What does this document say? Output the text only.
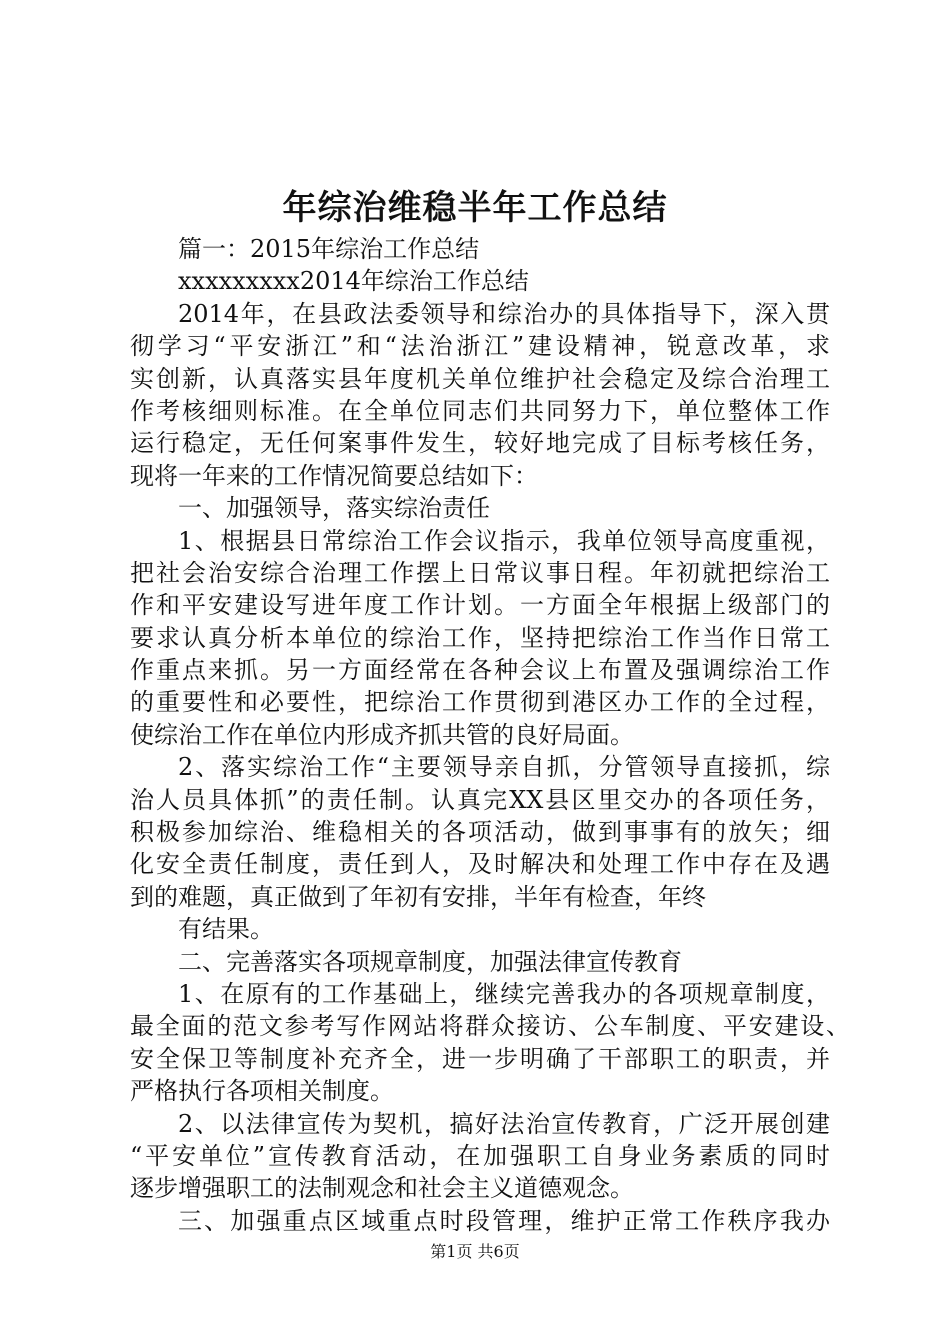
年综治维稳半年工作总结
篇一：2015年综治工作总结
xxxxxxxxx2014年综治工作总结
2014年，在县政法委领导和综治办的具体指导下，深入贯
彻学习“平安浙江”和“法治浙江”建设精神，锐意改革，求
实创新，认真落实县年度机关单位维护社会稳定及综合治理工
作考核细则标准。在全单位同志们共同努力下，单位整体工作
运行稳定，无任何案事件发生，较好地完成了目标考核任务，
现将一年来的工作情况简要总结如下：
一、加强领导，落实综治责任
1、根据县日常综治工作会议指示，我单位领导高度重视，
把社会治安综合治理工作摆上日常议事日程。年初就把综治工
作和平安建设写进年度工作计划。一方面全年根据上级部门的
要求认真分析本单位的综治工作，坚持把综治工作当作日常工
作重点来抓。另一方面经常在各种会议上布置及强调综治工作
的重要性和必要性，把综治工作贯彻到港区办工作的全过程，
使综治工作在单位内形成齐抓共管的良好局面。
2、落实综治工作“主要领导亲自抓，分管领导直接抓，综
治人员具体抓”的责任制。认真完XX县区里交办的各项任务，
积极参加综治、维稳相关的各项活动，做到事事有的放矢；细
化安全责任制度，责任到人，及时解决和处理工作中存在及遇
到的难题，真正做到了年初有安排，半年有检查，年终
有结果。
二、完善落实各项规章制度，加强法律宣传教育
1、在原有的工作基础上，继续完善我办的各项规章制度，
最全面的范文参考写作网站将群众接访、公车制度、平安建设、
安全保卫等制度补充齐全，进一步明确了干部职工的职责，并
严格执行各项相关制度。
2、以法律宣传为契机，搞好法治宣传教育，广泛开展创建
“平安单位”宣传教育活动，在加强职工自身业务素质的同时
逐步增强职工的法制观念和社会主义道德观念。
三、加强重点区域重点时段管理，维护正常工作秩序我办
第1页 共6页
